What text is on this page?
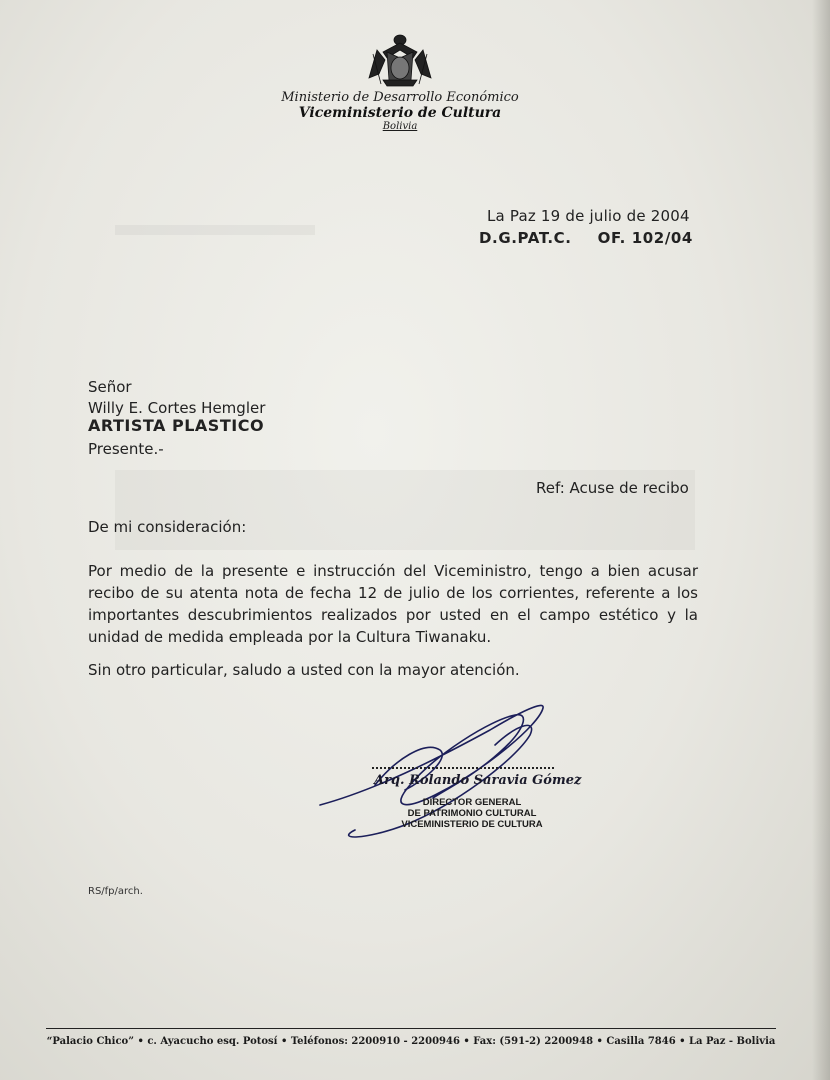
Ministerio de Desarrollo Económico
Viceministerio de Cultura
Bolivia
La Paz 19 de julio de 2004
D.G.PAT.C. OF. 102/04
Señor
Willy E. Cortes Hemgler
ARTISTA PLASTICO
Presente.-
Ref: Acuse de recibo
De mi consideración:
Por medio de la presente e instrucción del Viceministro, tengo a bien acusar recibo de su atenta nota de fecha 12 de julio de los corrientes, referente a los importantes descubrimientos realizados por usted en el campo estético y la unidad de medida empleada por la Cultura Tiwanaku.
Sin otro particular, saludo a usted con la mayor atención.
Arq. Rolando Saravia Gómez
DIRECTOR GENERAL
DE PATRIMONIO CULTURAL
VICEMINISTERIO DE CULTURA
RS/fp/arch.
“Palacio Chico” • c. Ayacucho esq. Potosí • Teléfonos: 2200910 - 2200946 • Fax: (591-2) 2200948 • Casilla 7846 • La Paz - Bolivia
